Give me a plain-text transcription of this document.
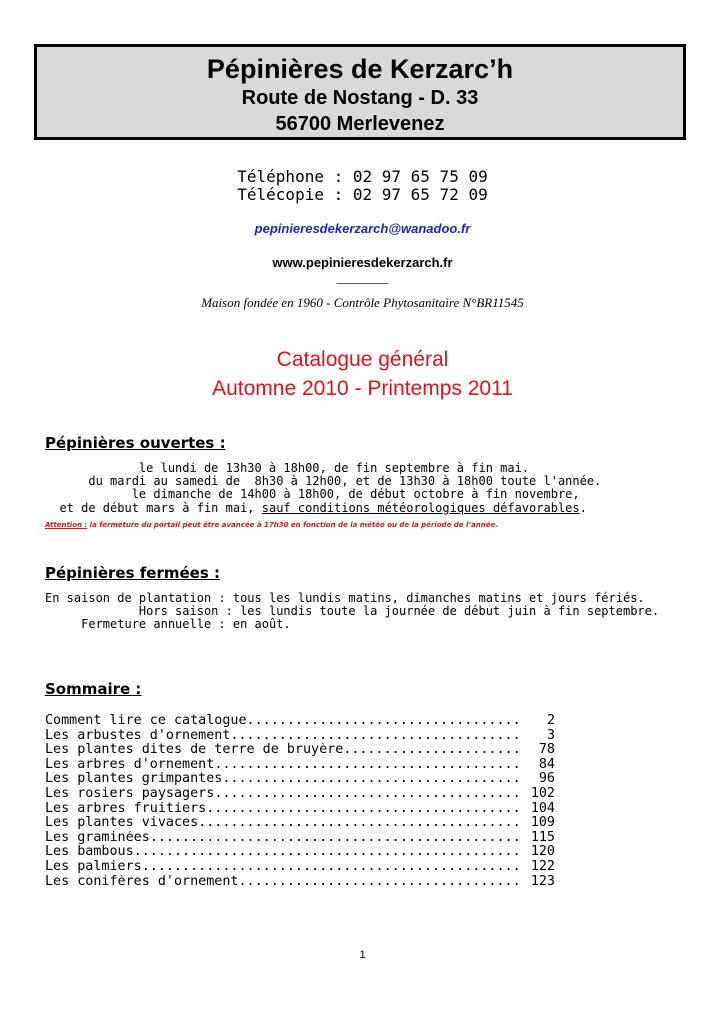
Pépinières de Kerzarc’h
Route de Nostang - D. 33
56700 Merlevenez
Téléphone : 02 97 65 75 09
Télécopie : 02 97 65 72 09
pepinieresdekerzarch@wanadoo.fr
www.pepinieresdekerzarch.fr
________
Maison fondée en 1960 - Contrôle Phytosanitaire N°BR11545
Catalogue général
Automne 2010 - Printemps 2011
Pépinières ouvertes :
le lundi de 13h30 à 18h00, de fin septembre à fin mai.
du mardi au samedi de  8h30 à 12h00, et de 13h30 à 18h00 toute l'année.
le dimanche de 14h00 à 18h00, de début octobre à fin novembre,
et de début mars à fin mai, sauf conditions météorologiques défavorables.
Attention : la fermeture du portail peut être avancée à 17h30 en fonction de la météo ou de la période de l’année.
Pépinières fermées :
En saison de plantation : tous les lundis matins, dimanches matins et jours fériés.
Hors saison : les lundis toute la journée de début juin à fin septembre.
Fermeture annuelle : en août.
Sommaire :
Comment lire ce catalogue .....	2
Les arbustes d'ornement .....	3
Les plantes dites de terre de bruyère .....	78
Les arbres d'ornement .....	84
Les plantes grimpantes .....	96
Les rosiers paysagers .....	102
Les arbres fruitiers .....	104
Les plantes vivaces .....	109
Les graminées .....	115
Les bambous .....	120
Les palmiers .....	122
Les conifères d'ornement .....	123
1
